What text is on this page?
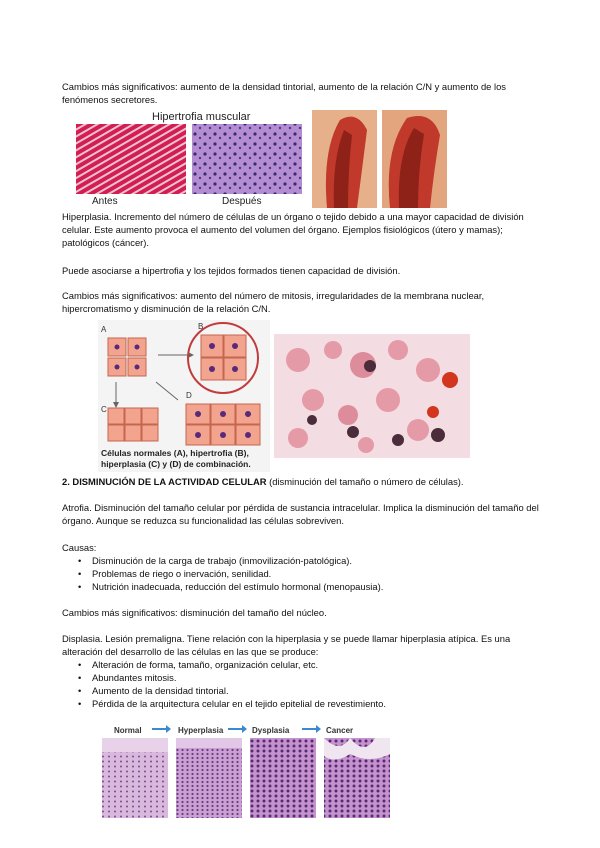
Cambios más significativos: aumento de la densidad tintorial, aumento de la relación C/N y aumento de los fenómenos secretores.

Hipertrofia muscular
Antes	Después

Hiperplasia. Incremento del número de células de un órgano o tejido debido a una mayor capacidad de división celular. Este aumento provoca el aumento del volumen del órgano. Ejemplos fisiológicos (útero y mamas); patológicos (cáncer).

Puede asociarse a hipertrofia y los tejidos formados tienen capacidad de división.

Cambios más significativos: aumento del número de mitosis, irregularidades de la membrana nuclear, hipercromatismo y disminución de la relación C/N.

A	B
C
D
Células normales (A), hipertrofia (B),
hiperplasia (C) y (D) de combinación.

2. DISMINUCIÓN DE LA ACTIVIDAD CELULAR (disminución del tamaño o número de células).

Atrofia. Disminución del tamaño celular por pérdida de sustancia intracelular. Implica la disminución del tamaño del órgano. Aunque se reduzca su funcionalidad las células sobreviven.

Causas:

• Disminución de la carga de trabajo (inmovilización-patológica).
• Problemas de riego o inervación, senilidad.
• Nutrición inadecuada, reducción del estímulo hormonal (menopausia).

Cambios más significativos: disminución del tamaño del núcleo.

Displasia. Lesión premaligna. Tiene relación con la hiperplasia y se puede llamar hiperplasia atípica. Es una alteración del desarrollo de las células en las que se produce:

• Alteración de forma, tamaño, organización celular, etc.
• Abundantes mitosis.
• Aumento de la densidad tintorial.
• Pérdida de la arquitectura celular en el tejido epitelial de revestimiento.
Normal	Hyperplasia	Dysplasia	Cancer
